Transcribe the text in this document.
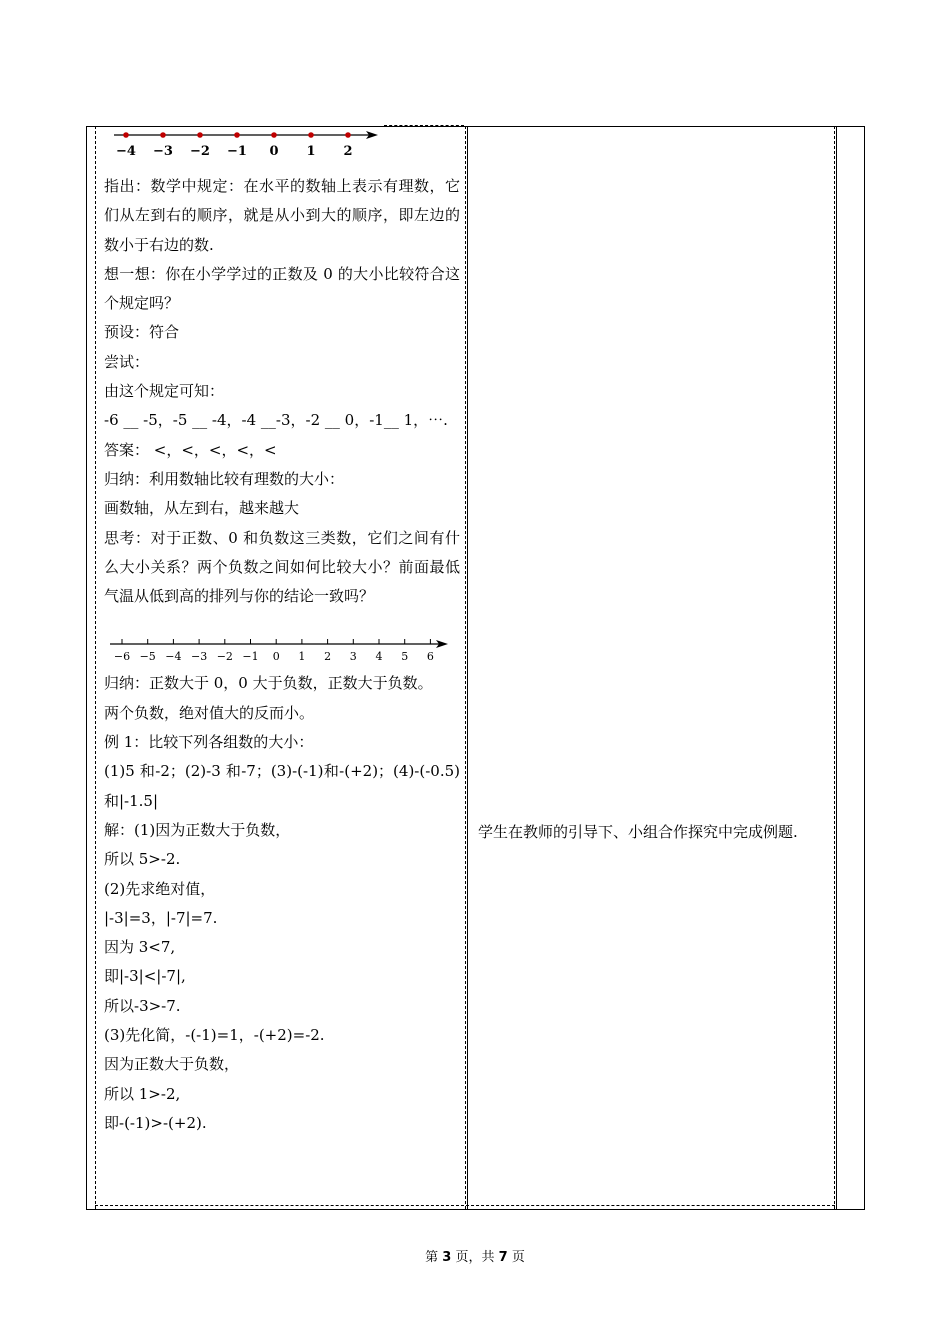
−4 −3 −2 −1 0 1 2

指出：数学中规定：在水平的数轴上表示有理数，它们从左到右的顺序，就是从小到大的顺序，即左边的数小于右边的数.

想一想：你在小学学过的正数及 0 的大小比较符合这个规定吗？

预设：符合

尝试：

由这个规定可知：

-6 __ -5，-5 __ -4，-4 __-3，-2 __ 0，-1__ 1，⋯.

答案： <，<，<，<，<

归纳：利用数轴比较有理数的大小：

画数轴，从左到右，越来越大

思考：对于正数、0 和负数这三类数，它们之间有什么大小关系？两个负数之间如何比较大小？前面最低气温从低到高的排列与你的结论一致吗？

−6 −5 −4 −3 −2 −1 0 1 2 3 4 5 6

归纳：正数大于 0，0 大于负数，正数大于负数。

两个负数，绝对值大的反而小。

例 1：比较下列各组数的大小：

(1)5 和-2；(2)-3 和-7；(3)-(-1)和-(+2)；(4)-(-0.5)和|-1.5|

解：(1)因为正数大于负数，

所以 5>-2.

(2)先求绝对值，

|-3|=3，|-7|=7.

因为 3<7,

即|-3|<|-7|,

所以-3>-7.

(3)先化简，-(-1)=1，-(+2)=-2.

因为正数大于负数，

所以 1>-2,

即-(-1)>-(+2).

学生在教师的引导下、小组合作探究中完成例题.

第 3 页，共 7 页
